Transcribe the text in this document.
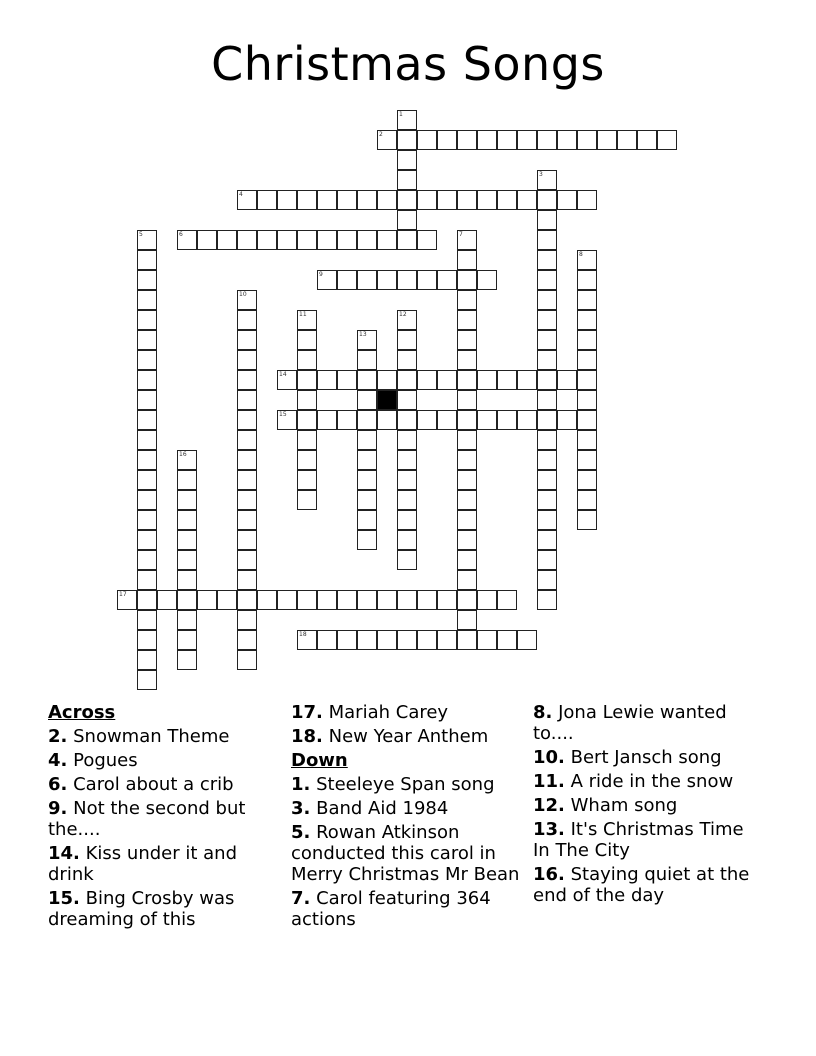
Christmas Songs
1
2
3
4
5	6	7
8
9
10
11	12
13
14
15
16
17
18
Across
2. Snowman Theme
4. Pogues
6. Carol about a crib
9. Not the second but the....
14. Kiss under it and drink
15. Bing Crosby was dreaming of this
17. Mariah Carey
18. New Year Anthem
Down
1. Steeleye Span song
3. Band Aid 1984
5. Rowan Atkinson conducted this carol in Merry Christmas Mr Bean
7. Carol featuring 364 actions
8. Jona Lewie wanted to....
10. Bert Jansch song
11. A ride in the snow
12. Wham song
13. It's Christmas Time In The City
16. Staying quiet at the end of the day
